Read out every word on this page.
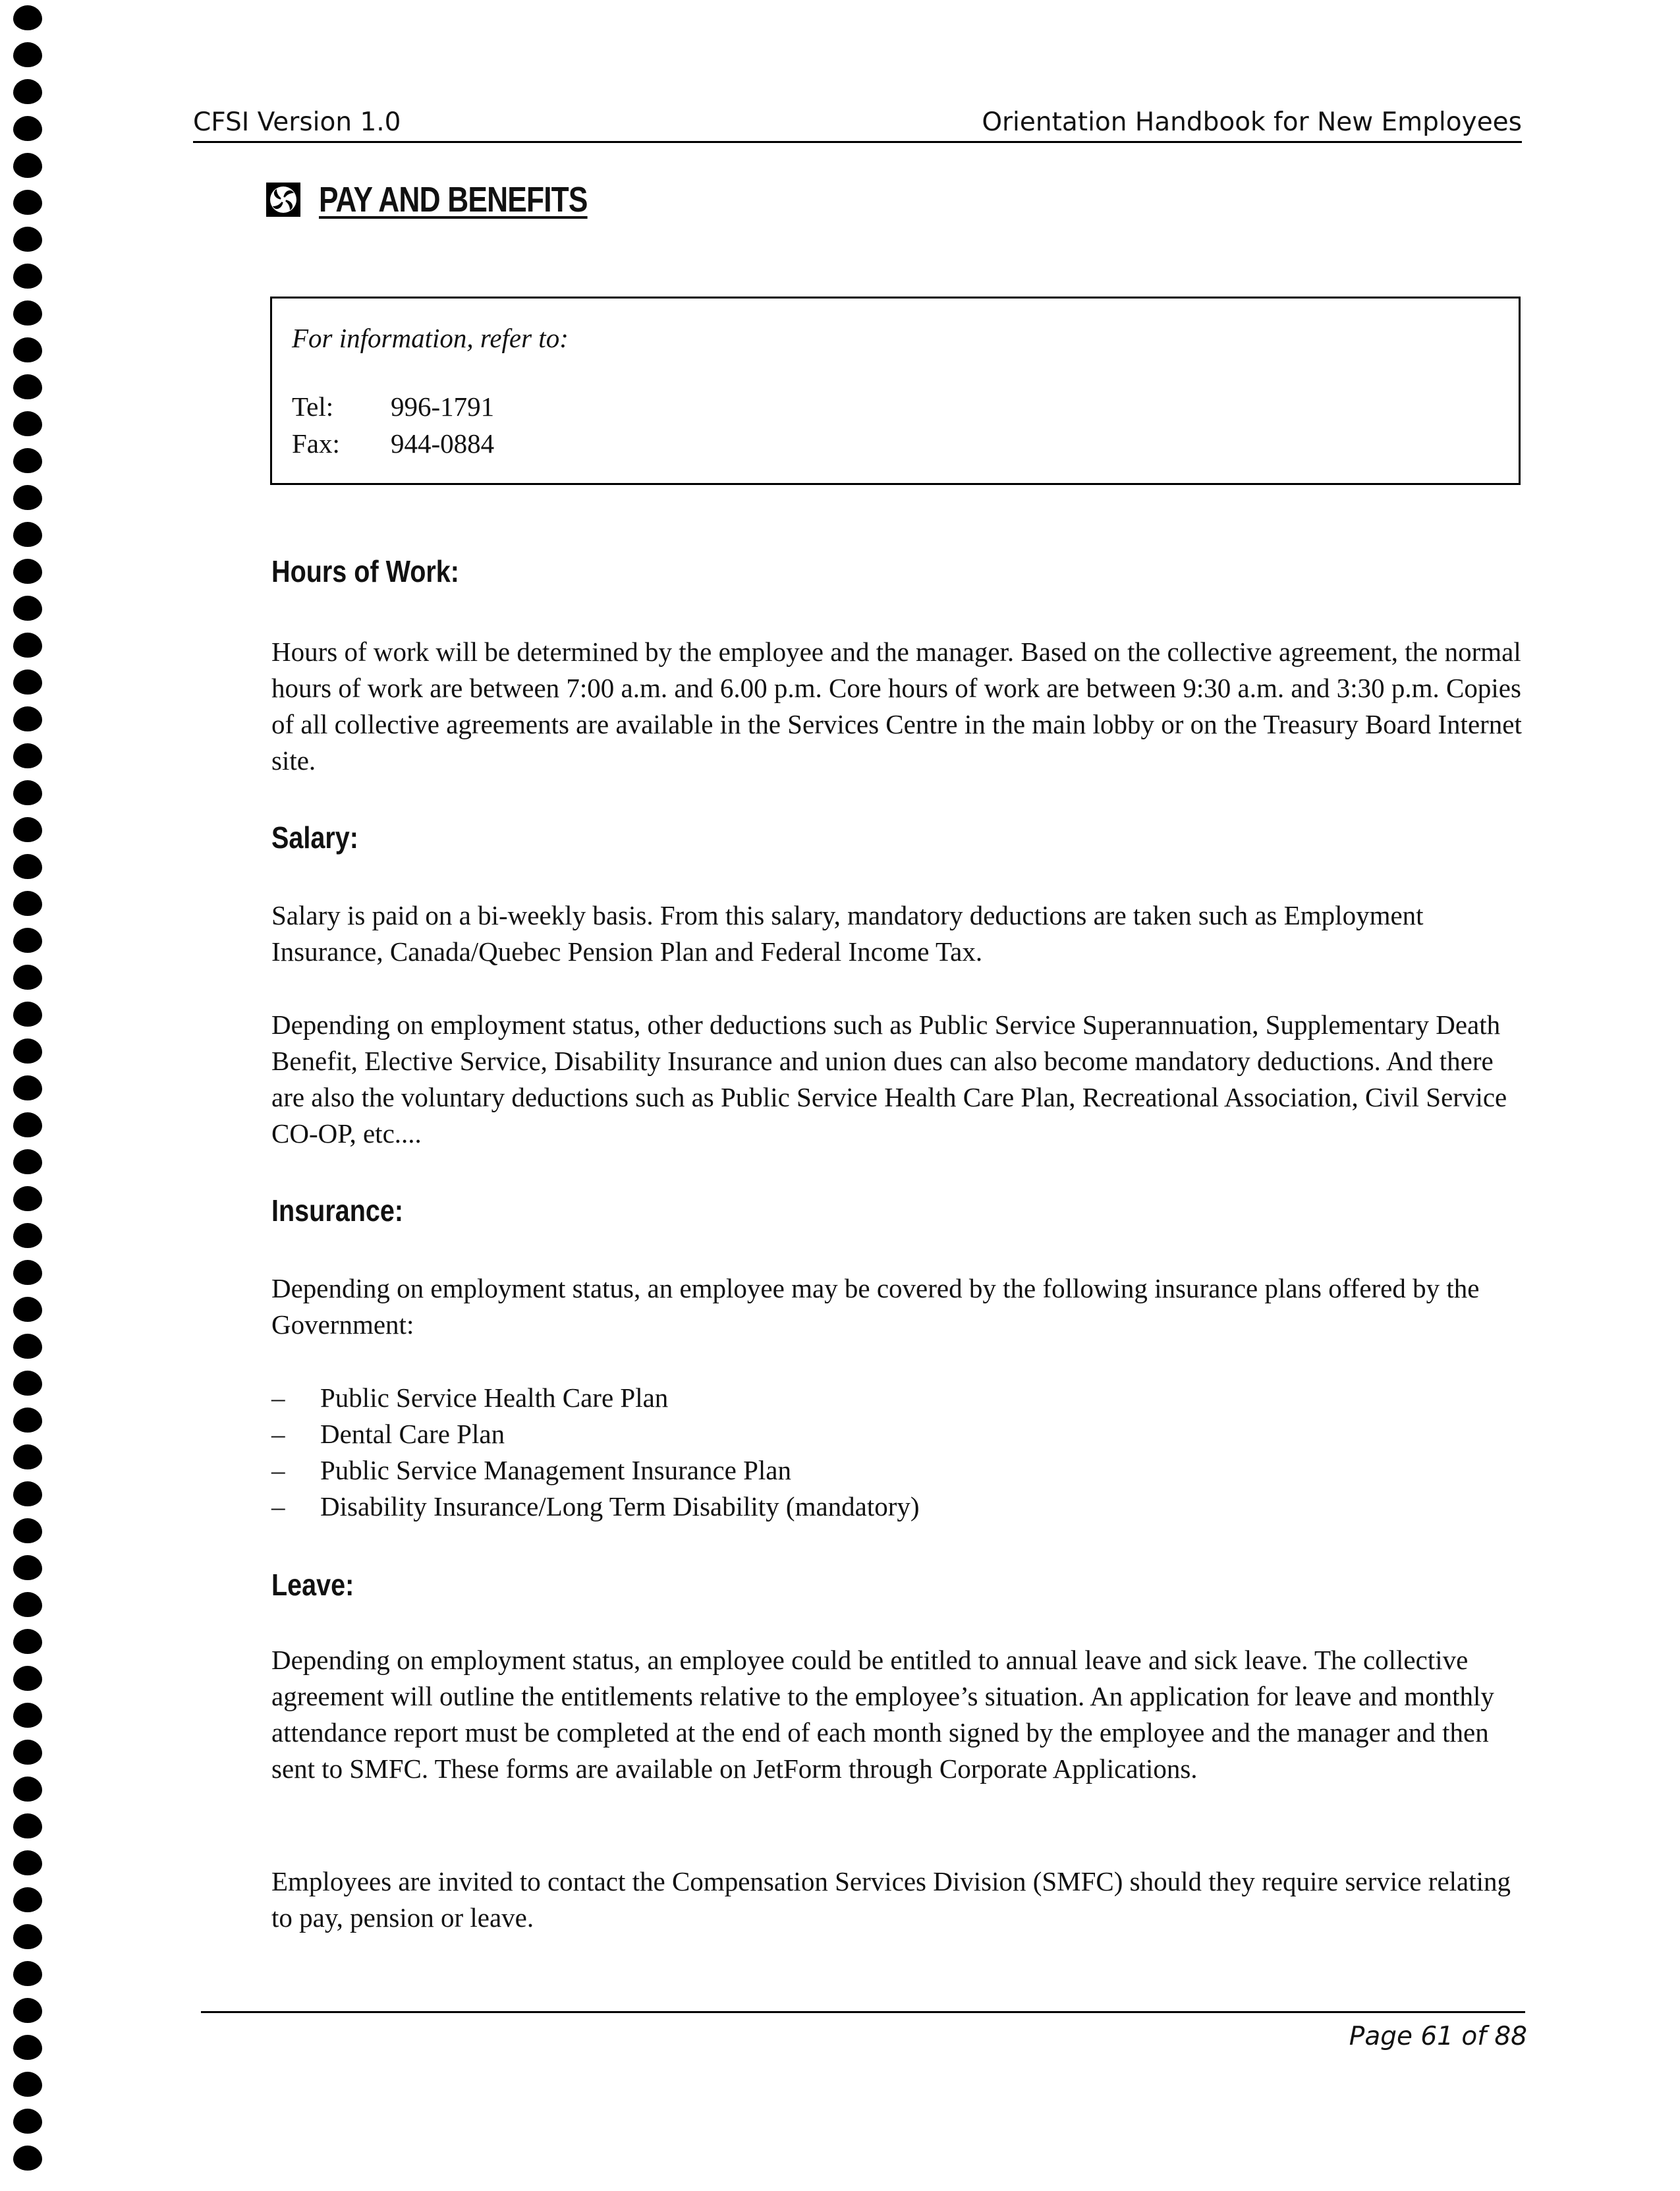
CFSI Version 1.0	Orientation Handbook for New Employees
PAY AND BENEFITS
For information, refer to:
Tel: 996-1791
Fax: 944-0884
Hours of Work:

Hours of work will be determined by the employee and the manager. Based on the collective agreement, the normal hours of work are between 7:00 a.m. and 6.00 p.m. Core hours of work are between 9:30 a.m. and 3:30 p.m. Copies of all collective agreements are available in the Services Centre in the main lobby or on the Treasury Board Internet site.

Salary:

Salary is paid on a bi-weekly basis. From this salary, mandatory deductions are taken such as Employment Insurance, Canada/Quebec Pension Plan and Federal Income Tax.

Depending on employment status, other deductions such as Public Service Superannuation, Supplementary Death Benefit, Elective Service, Disability Insurance and union dues can also become mandatory deductions. And there are also the voluntary deductions such as Public Service Health Care Plan, Recreational Association, Civil Service CO-OP, etc....

Insurance:

Depending on employment status, an employee may be covered by the following insurance plans offered by the Government:

– Public Service Health Care Plan
– Dental Care Plan
– Public Service Management Insurance Plan
– Disability Insurance/Long Term Disability (mandatory)
Leave:

Depending on employment status, an employee could be entitled to annual leave and sick leave. The collective agreement will outline the entitlements relative to the employee’s situation. An application for leave and monthly attendance report must be completed at the end of each month signed by the employee and the manager and then sent to SMFC. These forms are available on JetForm through Corporate Applications.

Employees are invited to contact the Compensation Services Division (SMFC) should they require service relating to pay, pension or leave.

Page 61 of 88
